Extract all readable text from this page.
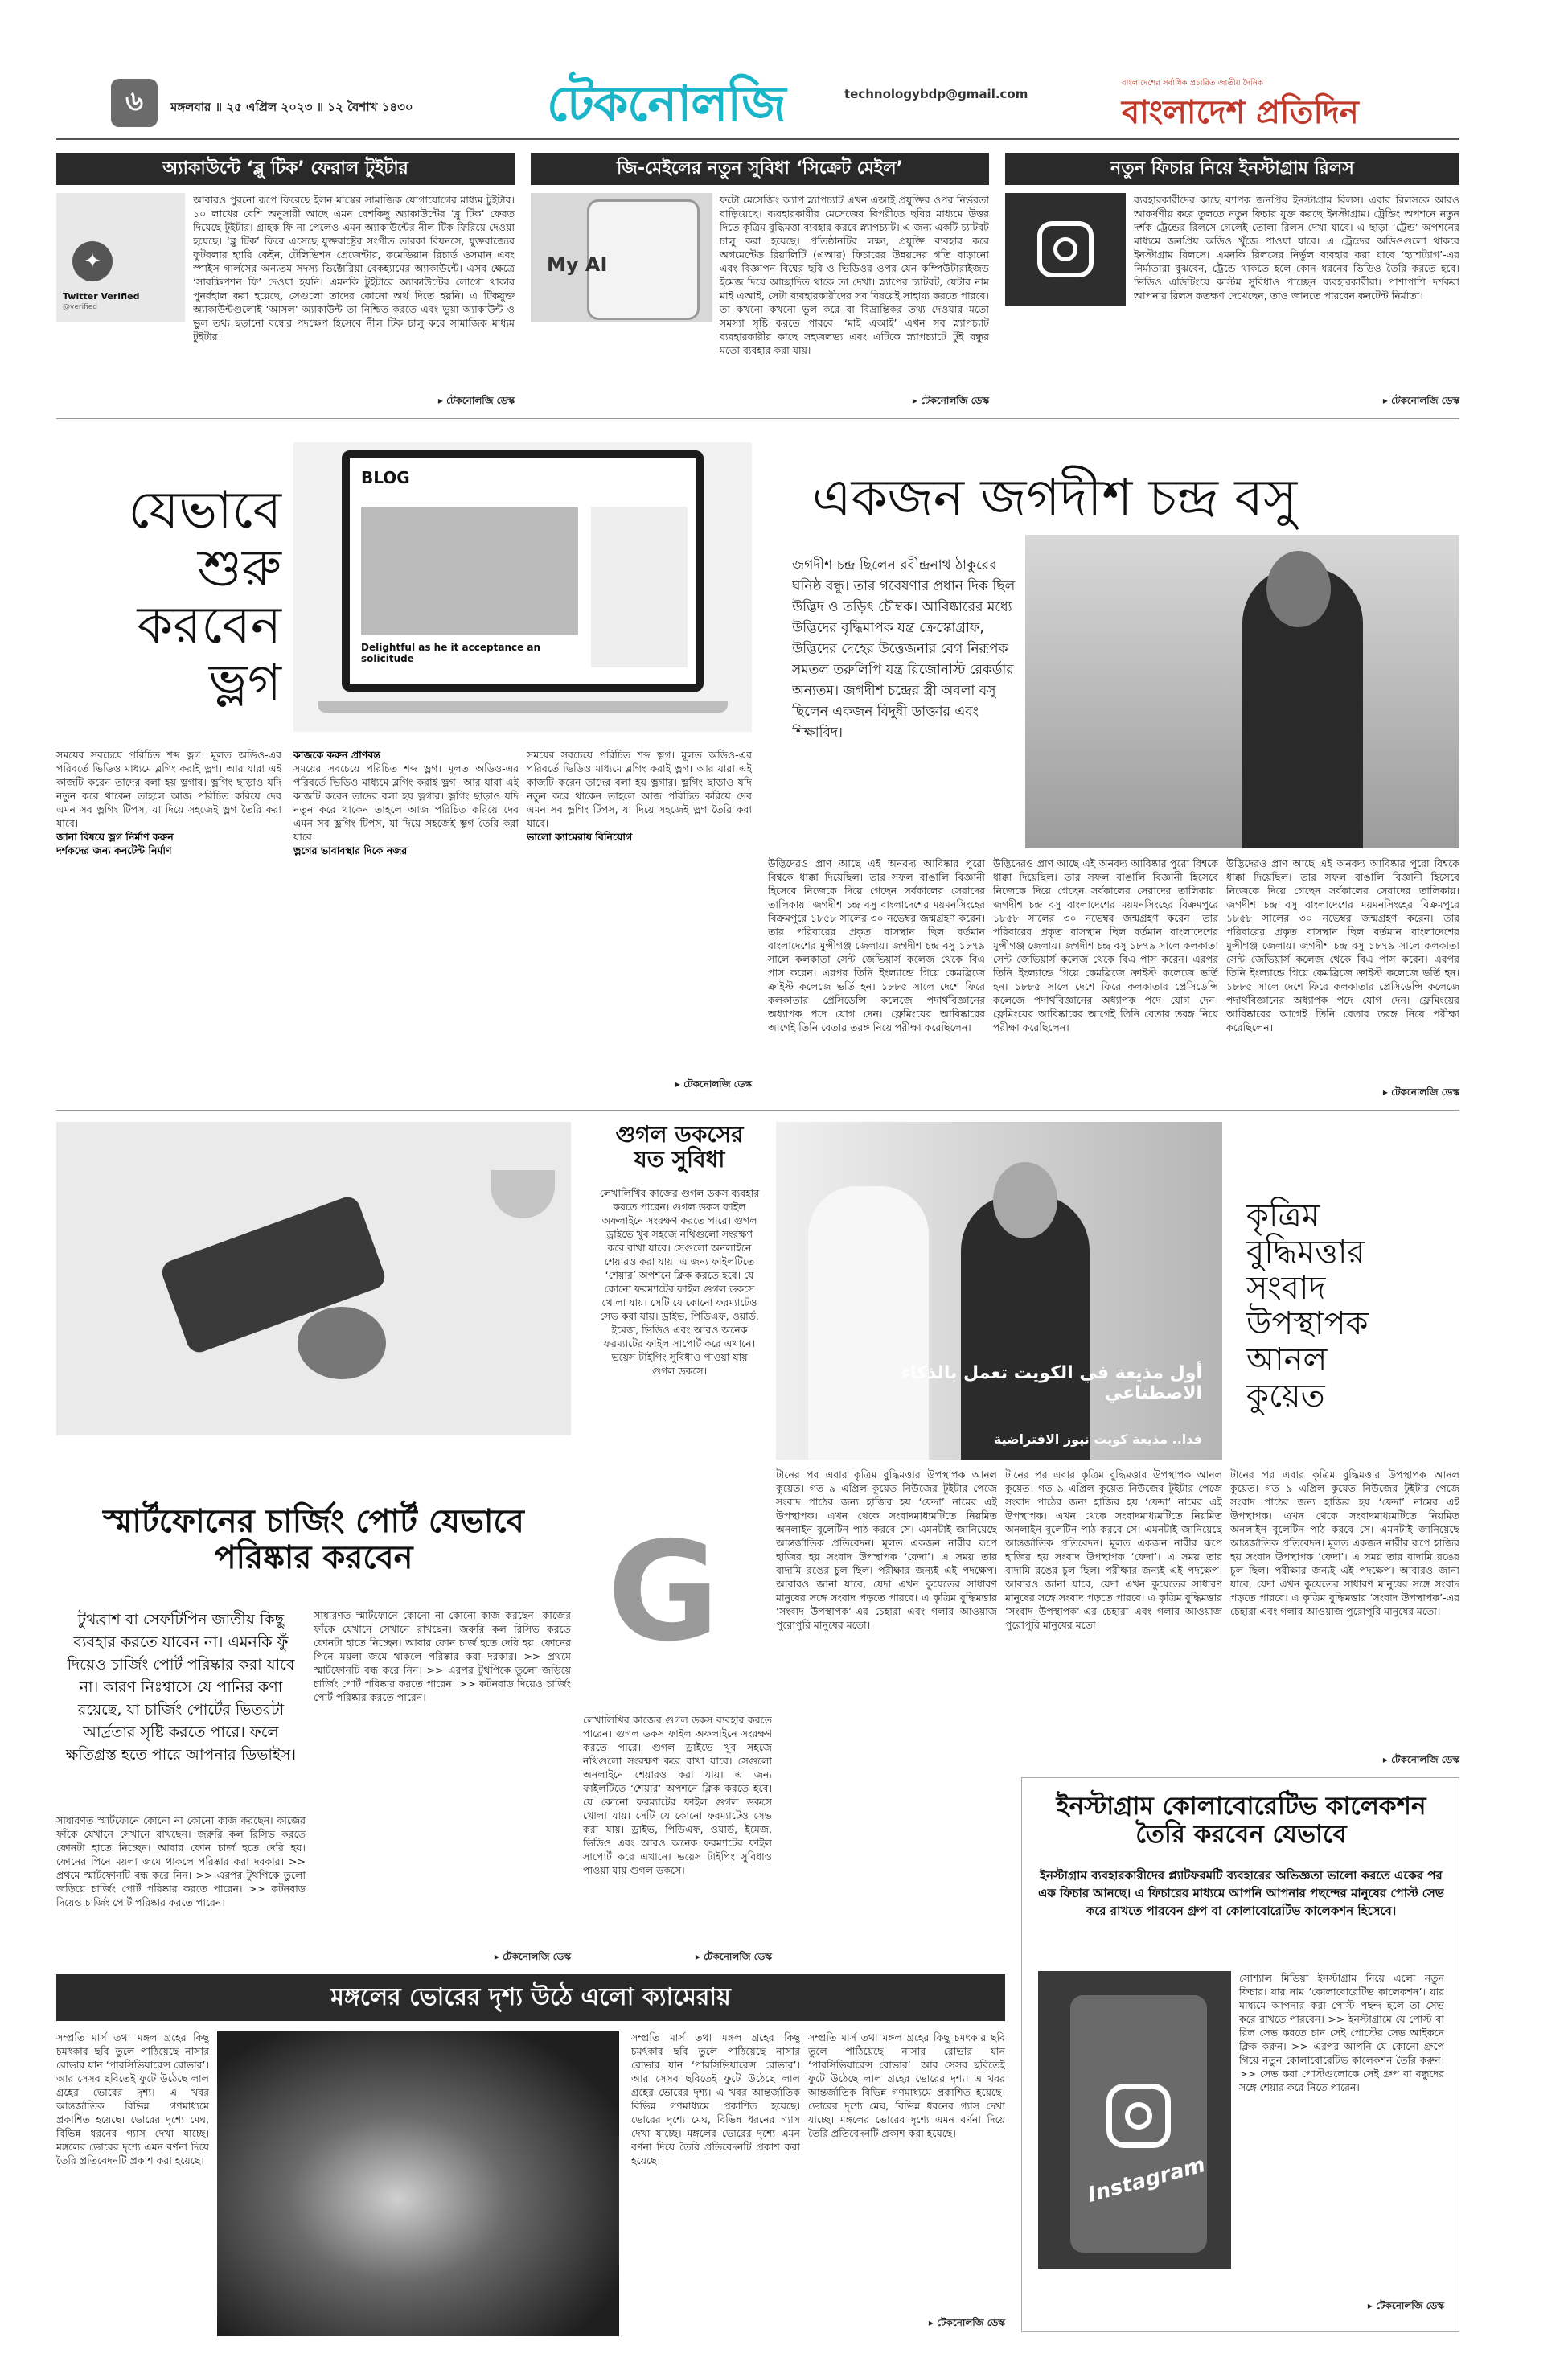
৬ মঙ্গলবার ॥ ২৫ এপ্রিল ২০২৩ ॥ ১২ বৈশাখ ১৪৩০	টেকনোলজি	technologybdp@gmail.com
বাংলাদেশের সর্বাধিক প্রচারিত জাতীয় দৈনিক
বাংলাদেশ প্রতিদিন
অ্যাকাউন্টে ‘ব্লু টিক’ ফেরাল টুইটার
✦
Twitter Verified
@verified
আবারও পুরনো রূপে ফিরেছে ইলন মাস্কের সামাজিক যোগাযোগের মাধ্যম টুইটার। ১০ লাখের বেশি অনুসারী আছে এমন বেশকিছু অ্যাকাউন্টের ‘ব্লু টিক’ ফেরত দিয়েছে টুইটার। গ্রাহক ফি না পেলেও এমন অ্যাকাউন্টের নীল টিক ফিরিয়ে দেওয়া হয়েছে। ‘ব্লু টিক’ ফিরে এসেছে যুক্তরাষ্ট্রের সংগীত তারকা বিয়নসে, যুক্তরাজ্যের ফুটবলার হ্যারি কেইন, টেলিভিশন প্রেজেন্টার, কমেডিয়ান রিচার্ড ওসমান এবং স্পাইস গার্লসের অন্যতম সদস্য ভিক্টোরিয়া বেকহ্যামের অ্যাকাউন্টে। এসব ক্ষেত্রে ‘সাবস্ক্রিপশন ফি’ দেওয়া হয়নি। এমনকি টুইটারে অ্যাকাউন্টের লোগো থাকার পুনর্বহাল করা হয়েছে, সেগুলো তাদের কোনো অর্থ দিতে হয়নি। এ টিকযুক্ত অ্যাকাউন্টগুলোই ‘আসল’ অ্যাকাউন্ট তা নিশ্চিত করতে এবং ভুয়া অ্যাকাউন্ট ও ভুল তথ্য ছড়ানো বন্ধের পদক্ষেপ হিসেবে নীল টিক চালু করে সামাজিক মাধ্যম টুইটার।
▸ টেকনোলজি ডেস্ক
জি-মেইলের নতুন সুবিধা ‘সিক্রেট মেইল’
My AI
ফটো মেসেজিং অ্যাপ স্ন্যাপচ্যাট এখন এআই প্রযুক্তির ওপর নির্ভরতা বাড়িয়েছে। ব্যবহারকারীর মেসেজের বিপরীতে ছবির মাধ্যমে উত্তর দিতে কৃত্রিম বুদ্ধিমত্তা ব্যবহার করবে স্ন্যাপচ্যাট। এ জন্য একটি চ্যাটবট চালু করা হয়েছে। প্রতিষ্ঠানটির লক্ষ্য, প্রযুক্তি ব্যবহার করে অগমেন্টেড রিয়ালিটি (এআর) ফিচারের উন্নয়নের গতি বাড়ানো এবং বিজ্ঞাপন বিশ্বের ছবি ও ভিডিওর ওপর যেন কম্পিউটারাইজড ইমেজ দিয়ে আচ্ছাদিত থাকে তা দেখা। স্ন্যাপের চ্যাটবট, যেটার নাম মাই এআই, সেটা ব্যবহারকারীদের সব বিষয়েই সাহায্য করতে পারবে। তা কখনো কখনো ভুল করে বা বিভ্রান্তিকর তথ্য দেওয়ার মতো সমস্যা সৃষ্টি করতে পারবে। ‘মাই এআই’ এখন সব স্ন্যাপচ্যাট ব্যবহারকারীর কাছে সহজলভ্য এবং এটিকে স্ন্যাপচ্যাটে টুই বন্ধুর মতো ব্যবহার করা যায়।
▸ টেকনোলজি ডেস্ক
নতুন ফিচার নিয়ে ইনস্টাগ্রাম রিলস
ব্যবহারকারীদের কাছে ব্যাপক জনপ্রিয় ইনস্টাগ্রাম রিলস। এবার রিলসকে আরও আকর্ষণীয় করে তুলতে নতুন ফিচার যুক্ত করছে ইনস্টাগ্রাম। ট্রেন্ডিং অপশনে নতুন দর্শক ট্রেন্ডের রিলসে গেলেই তোলা রিলস দেখা যাবে। এ ছাড়া ‘ট্রেন্ড’ অপশনের মাধ্যমে জনপ্রিয় অডিও খুঁজে পাওয়া যাবে। এ ট্রেন্ডের অডিওগুলো থাকবে ইনস্টাগ্রাম রিলসে। এমনকি রিলসের নির্ভুল ব্যবহার করা যাবে ‘হ্যাশট্যাগ’-এর নির্মাতারা বুঝবেন, ট্রেন্ডে থাকতে হলে কোন ধরনের ভিডিও তৈরি করতে হবে। ভিডিও এডিটিংয়ে কাস্টম সুবিধাও পাচ্ছেন ব্যবহারকারীরা। পাশাপাশি দর্শকরা আপনার রিলস কতক্ষণ দেখেছেন, তাও জানতে পারবেন কনটেন্ট নির্মাতা।
▸ টেকনোলজি ডেস্ক
যেভাবে
শুরু
করবেন
ভ্লগ
BLOG
Delightful as he it acceptance an solicitude

সময়ের সবচেয়ে পরিচিত শব্দ ভ্লগ। মূলত অডিও-এর পরিবর্তে ভিডিও মাধ্যমে ব্লগিং করাই ভ্লগ। আর যারা এই কাজটি করেন তাদের বলা হয় ভ্লগার। ভ্লগিং ছাড়াও যদি নতুন করে থাকেন তাহলে আজ পরিচিত করিয়ে দেব এমন সব ভ্লগিং টিপস, যা দিয়ে সহজেই ভ্লগ তৈরি করা যাবে।

জানা বিষয়ে ভ্লগ নির্মাণ করুন

দর্শকদের জন্য কনটেন্ট নির্মাণ

কাজকে করুন প্রাণবন্ত

সময়ের সবচেয়ে পরিচিত শব্দ ভ্লগ। মূলত অডিও-এর পরিবর্তে ভিডিও মাধ্যমে ব্লগিং করাই ভ্লগ। আর যারা এই কাজটি করেন তাদের বলা হয় ভ্লগার। ভ্লগিং ছাড়াও যদি নতুন করে থাকেন তাহলে আজ পরিচিত করিয়ে দেব এমন সব ভ্লগিং টিপস, যা দিয়ে সহজেই ভ্লগ তৈরি করা যাবে।

ভ্লগের ভাবাবস্থার দিকে নজর

সময়ের সবচেয়ে পরিচিত শব্দ ভ্লগ। মূলত অডিও-এর পরিবর্তে ভিডিও মাধ্যমে ব্লগিং করাই ভ্লগ। আর যারা এই কাজটি করেন তাদের বলা হয় ভ্লগার। ভ্লগিং ছাড়াও যদি নতুন করে থাকেন তাহলে আজ পরিচিত করিয়ে দেব এমন সব ভ্লগিং টিপস, যা দিয়ে সহজেই ভ্লগ তৈরি করা যাবে।

ভালো ক্যামেরায় বিনিয়োগ

▸ টেকনোলজি ডেস্ক
একজন জগদীশ চন্দ্র বসু
জগদীশ চন্দ্র ছিলেন রবীন্দ্রনাথ ঠাকুরের ঘনিষ্ঠ বন্ধু। তার গবেষণার প্রধান দিক ছিল উদ্ভিদ ও তড়িৎ চৌম্বক। আবিষ্কারের মধ্যে উদ্ভিদের বৃদ্ধিমাপক যন্ত্র ক্রেস্কোগ্রাফ, উদ্ভিদের দেহের উত্তেজনার বেগ নিরূপক সমতল তরুলিপি যন্ত্র রিজোনাস্ট রেকর্ডার অন্যতম। জগদীশ চন্দ্রের স্ত্রী অবলা বসু ছিলেন একজন বিদুষী ডাক্তার এবং শিক্ষাবিদ।
উদ্ভিদেরও প্রাণ আছে এই অনবদ্য আবিষ্কার পুরো বিশ্বকে ধাক্কা দিয়েছিল। তার সফল বাঙালি বিজ্ঞানী হিসেবে নিজেকে দিয়ে গেছেন সর্বকালের সেরাদের তালিকায়। জগদীশ চন্দ্র বসু বাংলাদেশের ময়মনসিংহের বিক্রমপুরে ১৮৫৮ সালের ৩০ নভেম্বর জন্মগ্রহণ করেন। তার পরিবারের প্রকৃত বাসস্থান ছিল বর্তমান বাংলাদেশের মুন্সীগঞ্জ জেলায়। জগদীশ চন্দ্র বসু ১৮৭৯ সালে কলকাতা সেন্ট জেভিয়ার্স কলেজ থেকে বিএ পাস করেন। এরপর তিনি ইংল্যান্ডে গিয়ে কেমব্রিজে ক্রাইস্ট কলেজে ভর্তি হন। ১৮৮৫ সালে দেশে ফিরে কলকাতার প্রেসিডেন্সি কলেজে পদার্থবিজ্ঞানের অধ্যাপক পদে যোগ দেন। ফ্লেমিংয়ের আবিষ্কারের আগেই তিনি বেতার তরঙ্গ নিয়ে পরীক্ষা করেছিলেন।
উদ্ভিদেরও প্রাণ আছে এই অনবদ্য আবিষ্কার পুরো বিশ্বকে ধাক্কা দিয়েছিল। তার সফল বাঙালি বিজ্ঞানী হিসেবে নিজেকে দিয়ে গেছেন সর্বকালের সেরাদের তালিকায়। জগদীশ চন্দ্র বসু বাংলাদেশের ময়মনসিংহের বিক্রমপুরে ১৮৫৮ সালের ৩০ নভেম্বর জন্মগ্রহণ করেন। তার পরিবারের প্রকৃত বাসস্থান ছিল বর্তমান বাংলাদেশের মুন্সীগঞ্জ জেলায়। জগদীশ চন্দ্র বসু ১৮৭৯ সালে কলকাতা সেন্ট জেভিয়ার্স কলেজ থেকে বিএ পাস করেন। এরপর তিনি ইংল্যান্ডে গিয়ে কেমব্রিজে ক্রাইস্ট কলেজে ভর্তি হন। ১৮৮৫ সালে দেশে ফিরে কলকাতার প্রেসিডেন্সি কলেজে পদার্থবিজ্ঞানের অধ্যাপক পদে যোগ দেন। ফ্লেমিংয়ের আবিষ্কারের আগেই তিনি বেতার তরঙ্গ নিয়ে পরীক্ষা করেছিলেন।
উদ্ভিদেরও প্রাণ আছে এই অনবদ্য আবিষ্কার পুরো বিশ্বকে ধাক্কা দিয়েছিল। তার সফল বাঙালি বিজ্ঞানী হিসেবে নিজেকে দিয়ে গেছেন সর্বকালের সেরাদের তালিকায়। জগদীশ চন্দ্র বসু বাংলাদেশের ময়মনসিংহের বিক্রমপুরে ১৮৫৮ সালের ৩০ নভেম্বর জন্মগ্রহণ করেন। তার পরিবারের প্রকৃত বাসস্থান ছিল বর্তমান বাংলাদেশের মুন্সীগঞ্জ জেলায়। জগদীশ চন্দ্র বসু ১৮৭৯ সালে কলকাতা সেন্ট জেভিয়ার্স কলেজ থেকে বিএ পাস করেন। এরপর তিনি ইংল্যান্ডে গিয়ে কেমব্রিজে ক্রাইস্ট কলেজে ভর্তি হন। ১৮৮৫ সালে দেশে ফিরে কলকাতার প্রেসিডেন্সি কলেজে পদার্থবিজ্ঞানের অধ্যাপক পদে যোগ দেন। ফ্লেমিংয়ের আবিষ্কারের আগেই তিনি বেতার তরঙ্গ নিয়ে পরীক্ষা করেছিলেন।
▸ টেকনোলজি ডেস্ক
গুগল ডকসের
যত সুবিধা
লেখালিখির কাজের গুগল ডকস ব্যবহার করতে পারেন। গুগল ডকস ফাইল অফলাইনে সংরক্ষণ করতে পারে। গুগল ড্রাইভে খুব সহজে নথিগুলো সংরক্ষণ করে রাখা যাবে। সেগুলো অনলাইনে শেয়ারও করা যায়। এ জন্য ফাইলটিতে ‘শেয়ার’ অপশনে ক্লিক করতে হবে। যে কোনো ফরম্যাটের ফাইল গুগল ডকসে খোলা যায়। সেটি যে কোনো ফরম্যাটেও সেভ করা যায়। ড্রাইভ, পিডিএফ, ওয়ার্ড, ইমেজ, ভিডিও এবং আরও অনেক ফরম্যাটের ফাইল সাপোর্ট করে এখানে। ভয়েস টাইপিং সুবিধাও পাওয়া যায় গুগল ডকসে।	أول مذيعة في الكويت تعمل بالذكاء الاصطناعي
فدا.. مذيعة كويت نيوز الافتراضية
কৃত্রিম
বুদ্ধিমত্তার
সংবাদ
উপস্থাপক
আনল
কুয়েত
স্মার্টফোনের চার্জিং পোর্ট যেভাবে
পরিষ্কার করবেন
টুথব্রাশ বা সেফটিপিন জাতীয় কিছু ব্যবহার করতে যাবেন না। এমনকি ফুঁ দিয়েও চার্জিং পোর্ট পরিষ্কার করা যাবে না। কারণ নিঃশ্বাসে যে পানির কণা রয়েছে, যা চার্জিং পোর্টের ভিতরটা আর্দ্রতার সৃষ্টি করতে পারে। ফলে ক্ষতিগ্রস্ত হতে পারে আপনার ডিভাইস।
সাধারণত স্মার্টফোনে কোনো না কোনো কাজ করছেন। কাজের ফাঁকে যেখানে সেখানে রাখছেন। জরুরি কল রিসিভ করতে ফোনটা হাতে নিচ্ছেন। আবার ফোন চার্জ হতে দেরি হয়। ফোনের পিনে ময়লা জমে থাকলে পরিষ্কার করা দরকার। >> প্রথমে স্মার্টফোনটি বন্ধ করে নিন। >> এরপর টুথপিকে তুলো জড়িয়ে চার্জিং পোর্ট পরিষ্কার করতে পারেন। >> কটনবাড দিয়েও চার্জিং পোর্ট পরিষ্কার করতে পারেন।
সাধারণত স্মার্টফোনে কোনো না কোনো কাজ করছেন। কাজের ফাঁকে যেখানে সেখানে রাখছেন। জরুরি কল রিসিভ করতে ফোনটা হাতে নিচ্ছেন। আবার ফোন চার্জ হতে দেরি হয়। ফোনের পিনে ময়লা জমে থাকলে পরিষ্কার করা দরকার। >> প্রথমে স্মার্টফোনটি বন্ধ করে নিন। >> এরপর টুথপিকে তুলো জড়িয়ে চার্জিং পোর্ট পরিষ্কার করতে পারেন। >> কটনবাড দিয়েও চার্জিং পোর্ট পরিষ্কার করতে পারেন।
▸ টেকনোলজি ডেস্ক
G
লেখালিখির কাজের গুগল ডকস ব্যবহার করতে পারেন। গুগল ডকস ফাইল অফলাইনে সংরক্ষণ করতে পারে। গুগল ড্রাইভে খুব সহজে নথিগুলো সংরক্ষণ করে রাখা যাবে। সেগুলো অনলাইনে শেয়ারও করা যায়। এ জন্য ফাইলটিতে ‘শেয়ার’ অপশনে ক্লিক করতে হবে। যে কোনো ফরম্যাটের ফাইল গুগল ডকসে খোলা যায়। সেটি যে কোনো ফরম্যাটেও সেভ করা যায়। ড্রাইভ, পিডিএফ, ওয়ার্ড, ইমেজ, ভিডিও এবং আরও অনেক ফরম্যাটের ফাইল সাপোর্ট করে এখানে। ভয়েস টাইপিং সুবিধাও পাওয়া যায় গুগল ডকসে।
▸ টেকনোলজি ডেস্ক
টানের পর এবার কৃত্রিম বুদ্ধিমত্তার উপস্থাপক আনল কুয়েত। গত ৯ এপ্রিল কুয়েত নিউজের টুইটার পেজে সংবাদ পাঠের জন্য হাজির হয় ‘ফেদা’ নামের এই উপস্থাপক। এখন থেকে সংবাদমাধ্যমটিতে নিয়মিত অনলাইন বুলেটিন পাঠ করবে সে। এমনটাই জানিয়েছে আন্তর্জাতিক প্রতিবেদন। মূলত একজন নারীর রূপে হাজির হয় সংবাদ উপস্থাপক ‘ফেদা’। এ সময় তার বাদামি রঙের চুল ছিল। পরীক্ষার জন্যই এই পদক্ষেপ। আবারও জানা যাবে, যেদা এখন কুয়েতের সাধারণ মানুষের সঙ্গে সংবাদ পড়তে পারবে। এ কৃত্রিম বুদ্ধিমত্তার ‘সংবাদ উপস্থাপক’-এর চেহারা এবং গলার আওয়াজ পুরোপুরি মানুষের মতো।
টানের পর এবার কৃত্রিম বুদ্ধিমত্তার উপস্থাপক আনল কুয়েত। গত ৯ এপ্রিল কুয়েত নিউজের টুইটার পেজে সংবাদ পাঠের জন্য হাজির হয় ‘ফেদা’ নামের এই উপস্থাপক। এখন থেকে সংবাদমাধ্যমটিতে নিয়মিত অনলাইন বুলেটিন পাঠ করবে সে। এমনটাই জানিয়েছে আন্তর্জাতিক প্রতিবেদন। মূলত একজন নারীর রূপে হাজির হয় সংবাদ উপস্থাপক ‘ফেদা’। এ সময় তার বাদামি রঙের চুল ছিল। পরীক্ষার জন্যই এই পদক্ষেপ। আবারও জানা যাবে, যেদা এখন কুয়েতের সাধারণ মানুষের সঙ্গে সংবাদ পড়তে পারবে। এ কৃত্রিম বুদ্ধিমত্তার ‘সংবাদ উপস্থাপক’-এর চেহারা এবং গলার আওয়াজ পুরোপুরি মানুষের মতো।
টানের পর এবার কৃত্রিম বুদ্ধিমত্তার উপস্থাপক আনল কুয়েত। গত ৯ এপ্রিল কুয়েত নিউজের টুইটার পেজে সংবাদ পাঠের জন্য হাজির হয় ‘ফেদা’ নামের এই উপস্থাপক। এখন থেকে সংবাদমাধ্যমটিতে নিয়মিত অনলাইন বুলেটিন পাঠ করবে সে। এমনটাই জানিয়েছে আন্তর্জাতিক প্রতিবেদন। মূলত একজন নারীর রূপে হাজির হয় সংবাদ উপস্থাপক ‘ফেদা’। এ সময় তার বাদামি রঙের চুল ছিল। পরীক্ষার জন্যই এই পদক্ষেপ। আবারও জানা যাবে, যেদা এখন কুয়েতের সাধারণ মানুষের সঙ্গে সংবাদ পড়তে পারবে। এ কৃত্রিম বুদ্ধিমত্তার ‘সংবাদ উপস্থাপক’-এর চেহারা এবং গলার আওয়াজ পুরোপুরি মানুষের মতো।
▸ টেকনোলজি ডেস্ক
ইনস্টাগ্রাম কোলাবোরেটিভ কালেকশন
তৈরি করবেন যেভাবে
ইনস্টাগ্রাম ব্যবহারকারীদের প্ল্যাটফরমটি ব্যবহারের অভিজ্ঞতা ভালো করতে একের পর এক ফিচার আনছে। এ ফিচারের মাধ্যমে আপনি আপনার পছন্দের মানুষের পোস্ট সেভ করে রাখতে পারবেন গ্রুপ বা কোলাবোরেটিভ কালেকশন হিসেবে।
Instagram
সোশ্যাল মিডিয়া ইনস্টাগ্রাম নিয়ে এলো নতুন ফিচার। যার নাম ‘কোলাবোরেটিভ কালেকশন’। যার মাধ্যমে আপনার করা পোস্ট পছন্দ হলে তা সেভ করে রাখতে পারবেন। >> ইনস্টাগ্রামে যে পোস্ট বা রিল সেভ করতে চান সেই পোস্টের সেভ আইকনে ক্লিক করুন। >> এরপর আপনি যে কোনো গ্রুপে গিয়ে নতুন কোলাবোরেটিভ কালেকশন তৈরি করুন। >> সেভ করা পোস্টগুলোকে সেই গ্রুপ বা বন্ধুদের সঙ্গে শেয়ার করে নিতে পারেন।
▸ টেকনোলজি ডেস্ক
মঙ্গলের ভোরের দৃশ্য উঠে এলো ক্যামেরায়
সম্প্রতি মার্স তথা মঙ্গল গ্রহের কিছু চমৎকার ছবি তুলে পাঠিয়েছে নাসার রোভার যান ‘পারসিভিয়ারেন্স রোভার’। আর সেসব ছবিতেই ফুটে উঠেছে লাল গ্রহের ভোরের দৃশ্য। এ খবর আন্তর্জাতিক বিভিন্ন গণমাধ্যমে প্রকাশিত হয়েছে। ভোরের দৃশ্যে মেঘ, বিভিন্ন ধরনের গ্যাস দেখা যাচ্ছে। মঙ্গলের ভোরের দৃশ্যে এমন বর্ণনা দিয়ে তৈরি প্রতিবেদনটি প্রকাশ করা হয়েছে।
সম্প্রতি মার্স তথা মঙ্গল গ্রহের কিছু চমৎকার ছবি তুলে পাঠিয়েছে নাসার রোভার যান ‘পারসিভিয়ারেন্স রোভার’। আর সেসব ছবিতেই ফুটে উঠেছে লাল গ্রহের ভোরের দৃশ্য। এ খবর আন্তর্জাতিক বিভিন্ন গণমাধ্যমে প্রকাশিত হয়েছে। ভোরের দৃশ্যে মেঘ, বিভিন্ন ধরনের গ্যাস দেখা যাচ্ছে। মঙ্গলের ভোরের দৃশ্যে এমন বর্ণনা দিয়ে তৈরি প্রতিবেদনটি প্রকাশ করা হয়েছে।
সম্প্রতি মার্স তথা মঙ্গল গ্রহের কিছু চমৎকার ছবি তুলে পাঠিয়েছে নাসার রোভার যান ‘পারসিভিয়ারেন্স রোভার’। আর সেসব ছবিতেই ফুটে উঠেছে লাল গ্রহের ভোরের দৃশ্য। এ খবর আন্তর্জাতিক বিভিন্ন গণমাধ্যমে প্রকাশিত হয়েছে। ভোরের দৃশ্যে মেঘ, বিভিন্ন ধরনের গ্যাস দেখা যাচ্ছে। মঙ্গলের ভোরের দৃশ্যে এমন বর্ণনা দিয়ে তৈরি প্রতিবেদনটি প্রকাশ করা হয়েছে।
▸ টেকনোলজি ডেস্ক
